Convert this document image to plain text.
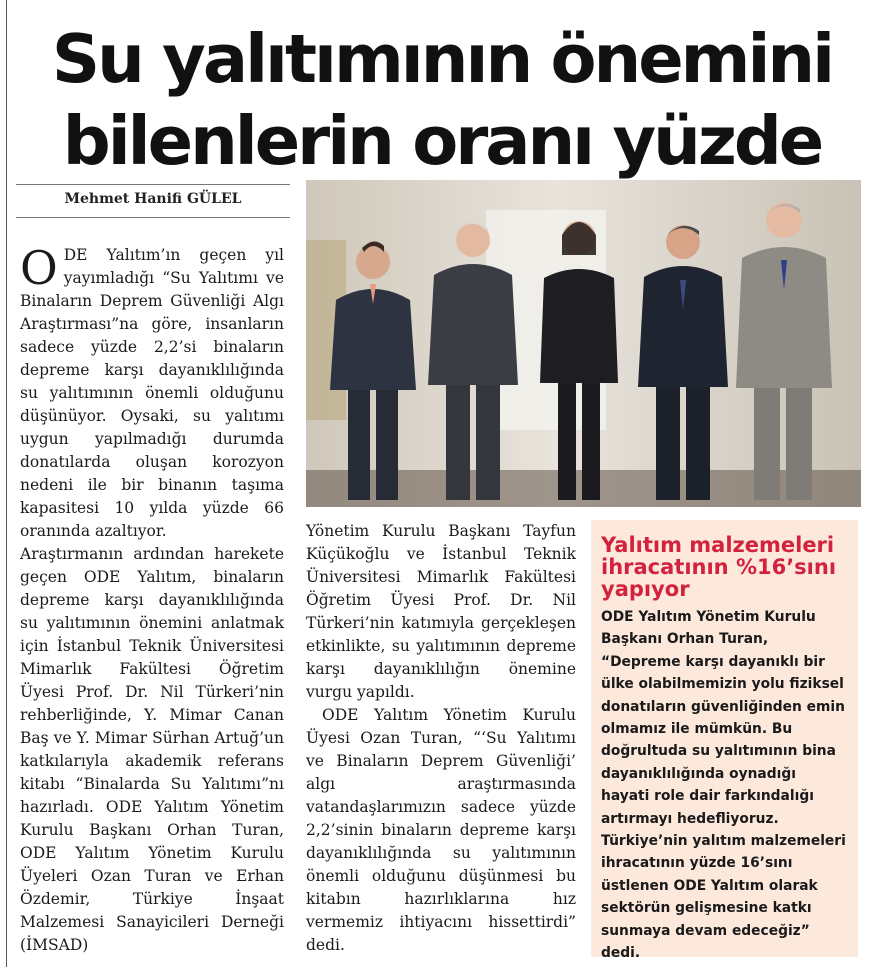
Su yalıtımının önemini bilenlerin oranı yüzde
Mehmet Hanifi GÜLEL

ODE Yalıtım’ın geçen yıl yayımladığı “Su Yalıtımı ve Binaların Deprem Güvenliği Algı Araştırması”na göre, insanların sadece yüzde 2,2’si binaların depreme karşı dayanıklılığında su yalıtımının önemli olduğunu düşünüyor. Oysaki, su yalıtımı uygun yapılmadığı durumda donatılarda oluşan korozyon nedeni ile bir binanın taşıma kapasitesi 10 yılda yüzde 66 oranında azaltıyor.

Araştırmanın ardından harekete geçen ODE Yalıtım, binaların depreme karşı dayanıklılığında su yalıtımının önemini anlatmak için İstanbul Teknik Üniversitesi Mimarlık Fakültesi Öğretim Üyesi Prof. Dr. Nil Türkeri’nin rehberliğinde, Y. Mimar Canan Baş ve Y. Mimar Sürhan Artuğ’un katkılarıyla akademik referans kitabı “Binalarda Su Yalıtımı”nı hazırladı. ODE Yalıtım Yönetim Kurulu Başkanı Orhan Turan, ODE Yalıtım Yönetim Kurulu Üyeleri Ozan Turan ve Erhan Özdemir, Türkiye İnşaat Malzemesi Sanayicileri Derneği (İMSAD)

Yönetim Kurulu Başkanı Tayfun Küçükoğlu ve İstanbul Teknik Üniversitesi Mimarlık Fakültesi Öğretim Üyesi Prof. Dr. Nil Türkeri’nin katımıyla gerçekleşen etkinlikte, su yalıtımının depreme karşı dayanıklılığın önemine vurgu yapıldı.

ODE Yalıtım Yönetim Kurulu Üyesi Ozan Turan, “‘Su Yalıtımı ve Binaların Deprem Güvenliği’ algı araştırmasında vatandaşlarımızın sadece yüzde 2,2’sinin binaların depreme karşı dayanıklılığında su yalıtımının önemli olduğunu düşünmesi bu kitabın hazırlıklarına hız vermemiz ihtiyacını hissettirdi” dedi.

Yalıtım malzemeleri ihracatının %16’sını yapıyor
ODE Yalıtım Yönetim Kurulu Başkanı Orhan Turan, “Depreme karşı dayanıklı bir ülke olabilmemizin yolu fiziksel donatıların güvenliğinden emin olmamız ile mümkün. Bu doğrultuda su yalıtımının bina dayanıklılığında oynadığı hayati role dair farkındalığı artırmayı hedefliyoruz. Türkiye’nin yalıtım malzemeleri ihracatının yüzde 16’sını üstlenen ODE Yalıtım olarak sektörün gelişmesine katkı sunmaya devam edeceğiz” dedi.
